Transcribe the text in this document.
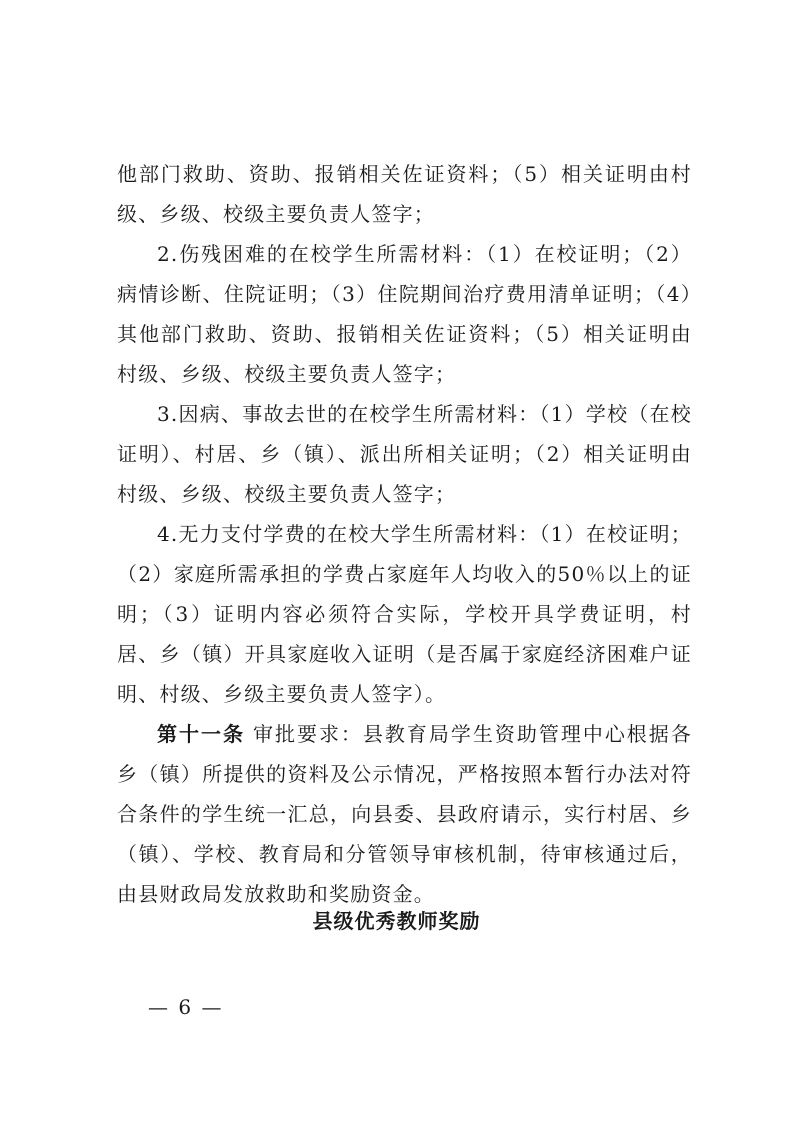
他部门救助、资助、报销相关佐证资料；（5）相关证明由村级、乡级、校级主要负责人签字；

2.伤残困难的在校学生所需材料：（1）在校证明；（2）病情诊断、住院证明；（3）住院期间治疗费用清单证明；（4）其他部门救助、资助、报销相关佐证资料；（5）相关证明由村级、乡级、校级主要负责人签字；

3.因病、事故去世的在校学生所需材料：（1）学校（在校证明）、村居、乡（镇）、派出所相关证明；（2）相关证明由村级、乡级、校级主要负责人签字；

4.无力支付学费的在校大学生所需材料：（1）在校证明；（2）家庭所需承担的学费占家庭年人均收入的50％以上的证明；（3）证明内容必须符合实际，学校开具学费证明，村居、乡（镇）开具家庭收入证明（是否属于家庭经济困难户证明、村级、乡级主要负责人签字）。

第十一条 审批要求：县教育局学生资助管理中心根据各乡（镇）所提供的资料及公示情况，严格按照本暂行办法对符合条件的学生统一汇总，向县委、县政府请示，实行村居、乡（镇）、学校、教育局和分管领导审核机制，待审核通过后，由县财政局发放救助和奖励资金。

县级优秀教师奖励
— 6 —
